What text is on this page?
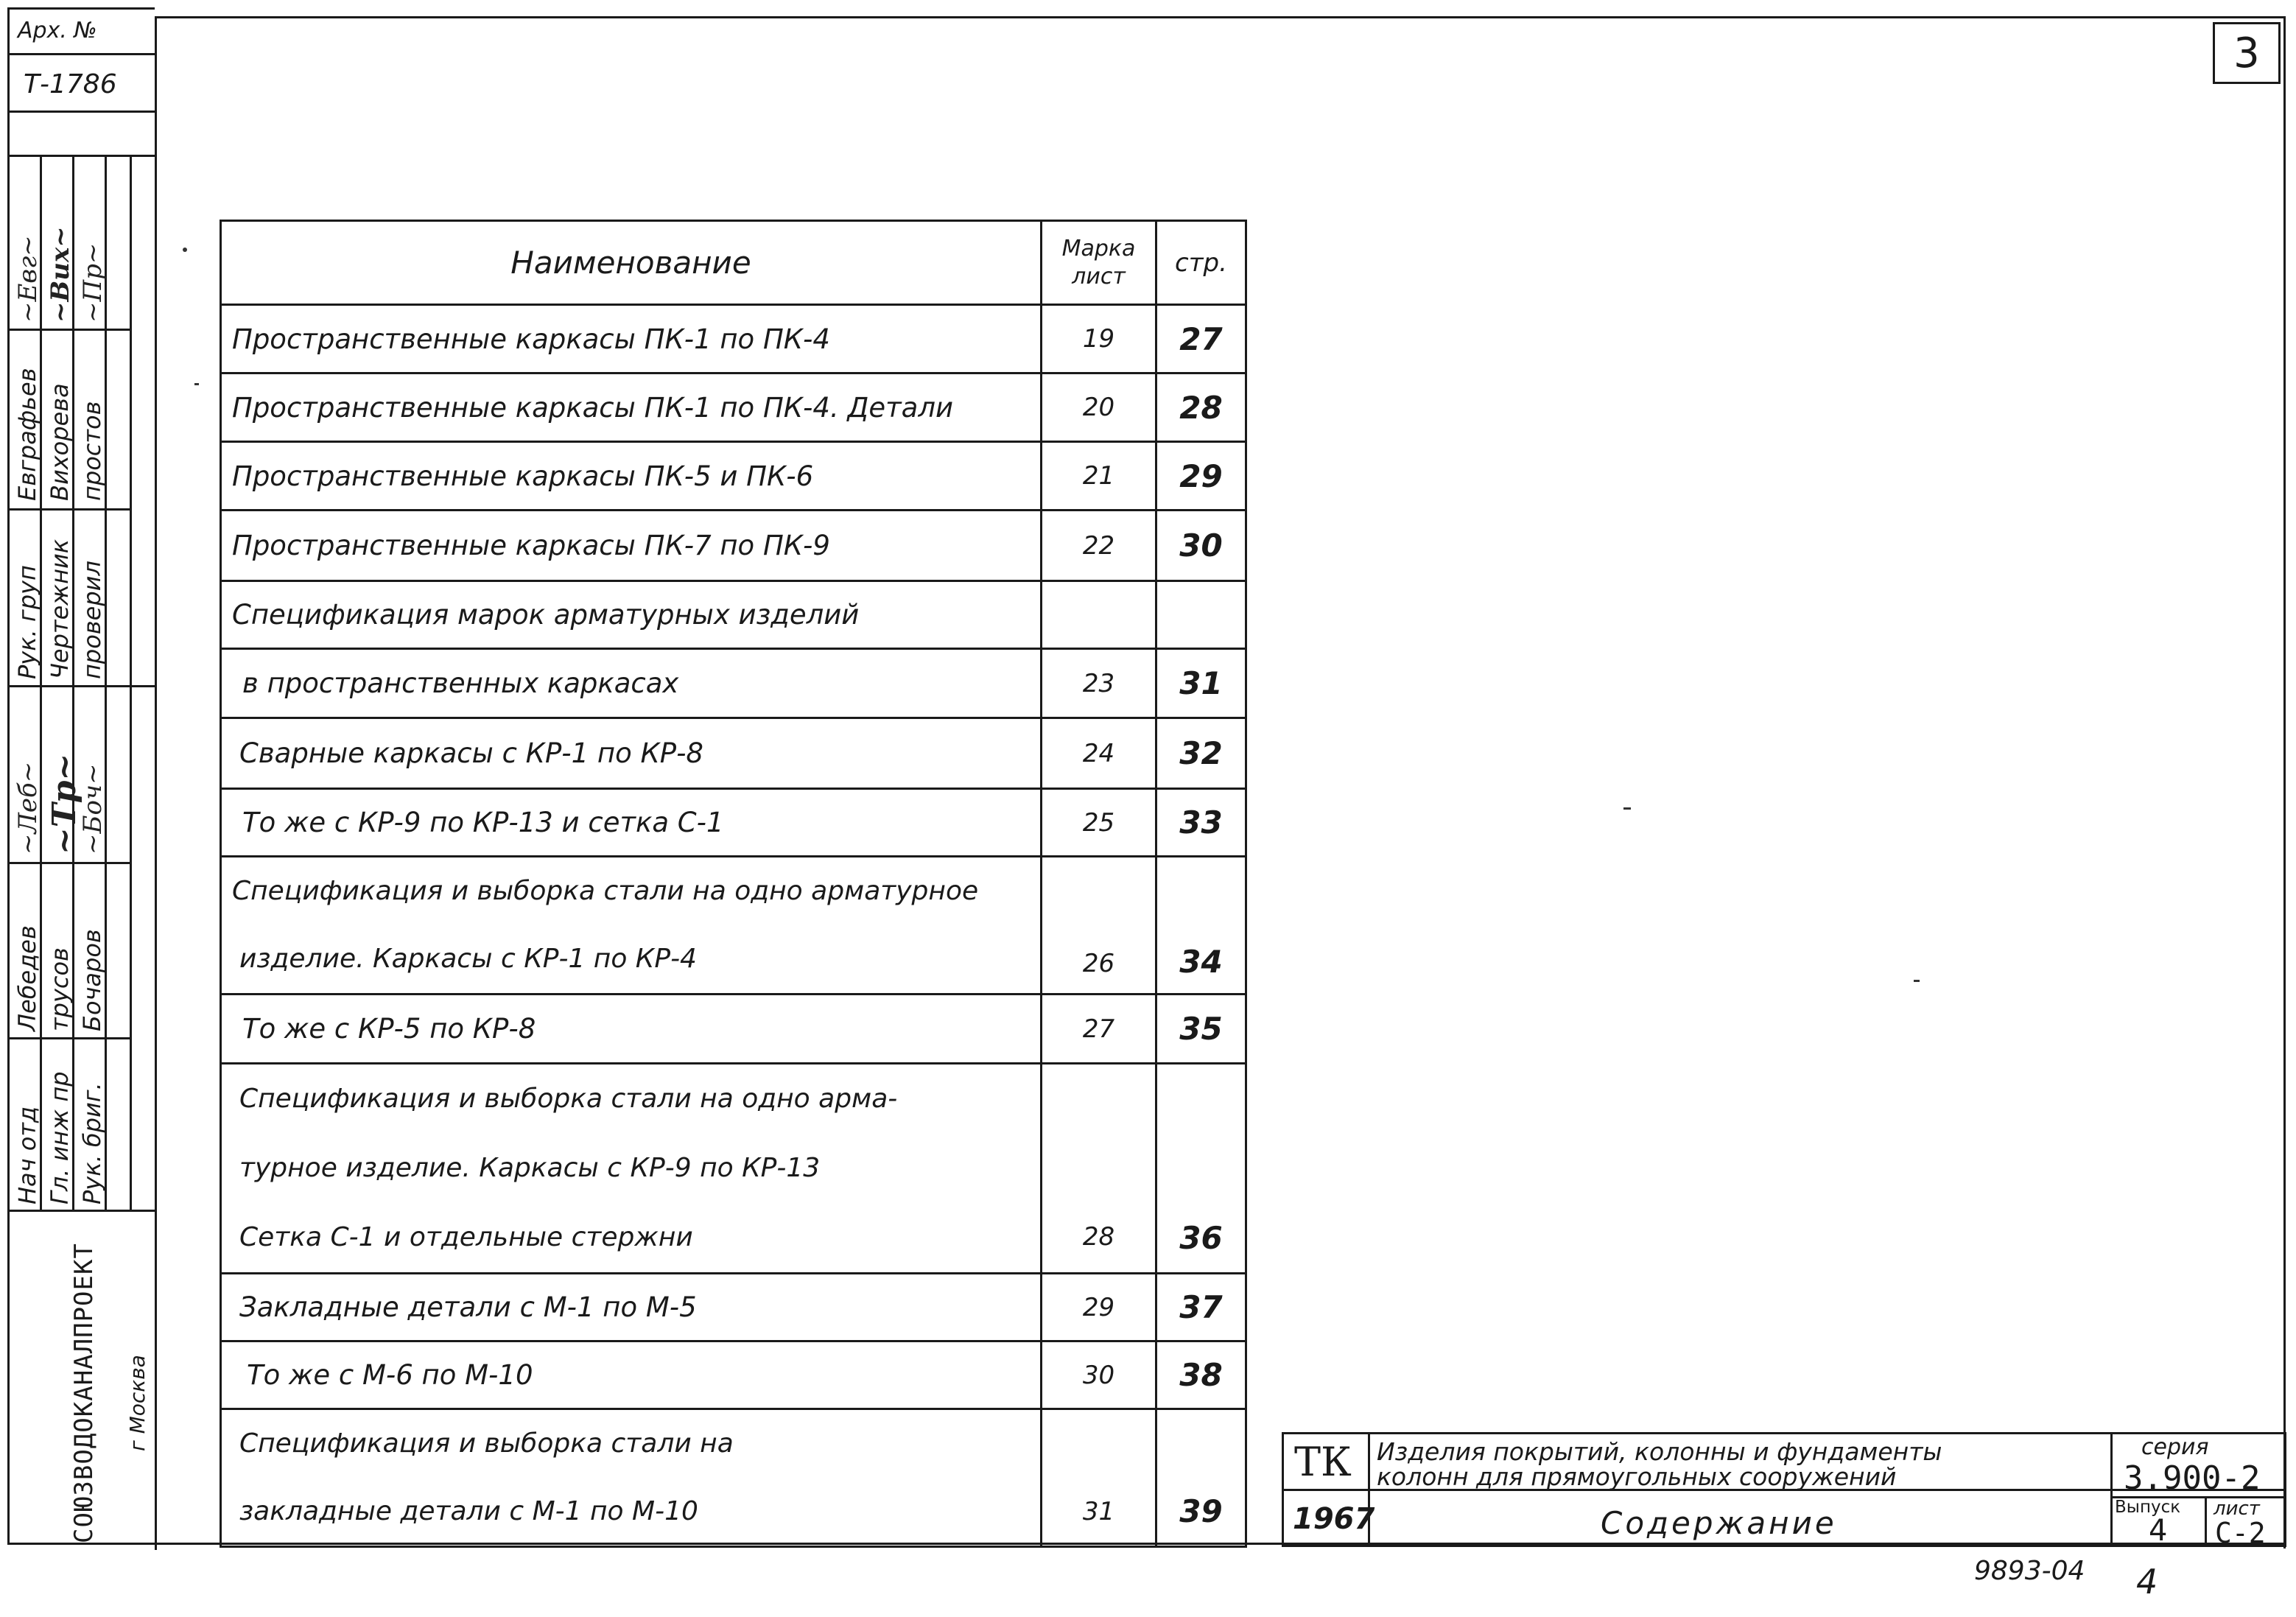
3
Арх. №
Т-1786
Рук. груп Чертежник проверил
Евграфьев Вихорева простов
~Евг~ ~Вих~ ~Пр~
Нач отд Гл. инж пр Рук. бриг.
Лебедев трусов Бочаров
~Леб~ ~Тр~
~Боч~
СОЮЗВОДОКАНАЛПРОЕКТ г Москва
Наименование	Марка лист	стр.
Пространственные каркасы ПК-1 по ПК-4	19	27
Пространственные каркасы ПК-1 по ПК-4. Детали	20	28
Пространственные каркасы ПК-5 и ПК-6	21	29
Пространственные каркасы ПК-7 по ПК-9	22	30
Спецификация марок арматурных изделий		
в пространственных каркасах	23	31
Сварные каркасы с КР-1 по КР-8	24	32
То же с КР-9 по КР-13 и сетка С-1	25	33

Спецификация и выборка стали на одно арматурное
изделие. Каркасы с КР-1 по КР-4	26	34
То же с КР-5 по КР-8	27	35

Спецификация и выборка стали на одно арма-
турное изделие. Каркасы с КР-9 по КР-13
Сетка С-1 и отдельные стержни	28	36
Закладные детали с М-1 по М-5	29	37
То же с М-6 по М-10	30	38

Спецификация и выборка стали на
закладные детали с М-1 по М-10	31	39
ТК
1967
Изделия покрытий, колонны и фундаменты
колонн для прямоугольных сооружений
Содержание
серия
3.900-2
Выпуск
4
лист
С-2
9893-04 4
